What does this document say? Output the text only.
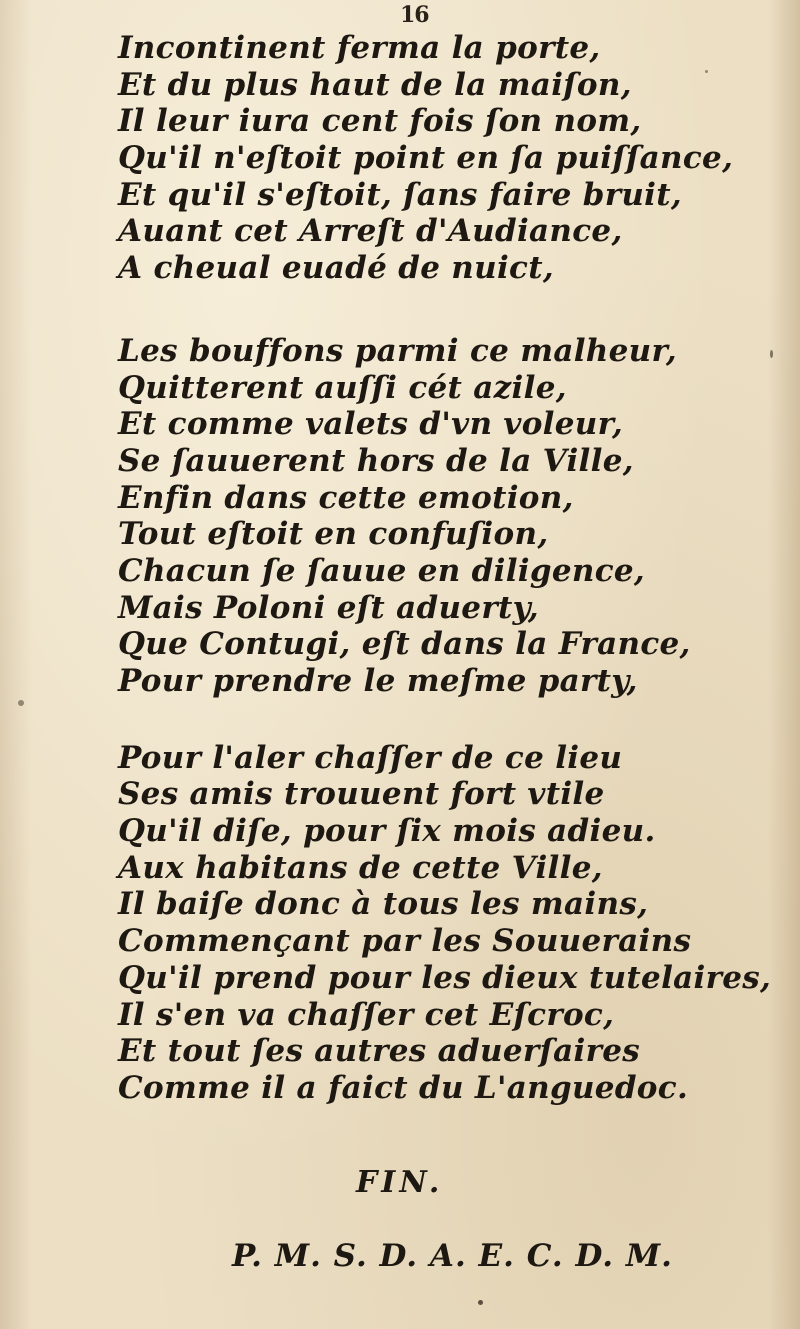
16
Incontinent ferma la porte,
Et du plus haut de la maiſon,
Il leur iura cent fois ſon nom,
Qu'il n'eſtoit point en ſa puiſſance,
Et qu'il s'eſtoit, ſans faire bruit,
Auant cet Arreſt d'Audiance,
A cheual euadé de nuict,
Les bouffons parmi ce malheur,
Quitterent auſſi cét azile,
Et comme valets d'vn voleur,
Se ſauuerent hors de la Ville,
Enfin dans cette emotion,
Tout eſtoit en confuſion,
Chacun ſe ſauue en diligence,
Mais Poloni eſt aduerty,
Que Contugi, eſt dans la France,
Pour prendre le meſme party,
Pour l'aler chaſſer de ce lieu
Ses amis trouuent fort vtile
Qu'il diſe, pour ſix mois adieu.
Aux habitans de cette Ville,
Il baiſe donc à tous les mains,
Commençant par les Souuerains
Qu'il prend pour les dieux tutelaires,
Il s'en va chaſſer cet Eſcroc,
Et tout ſes autres aduerſaires
Comme il a faict du L'anguedoc.
FIN.
P. M. S. D. A. E. C. D. M.
